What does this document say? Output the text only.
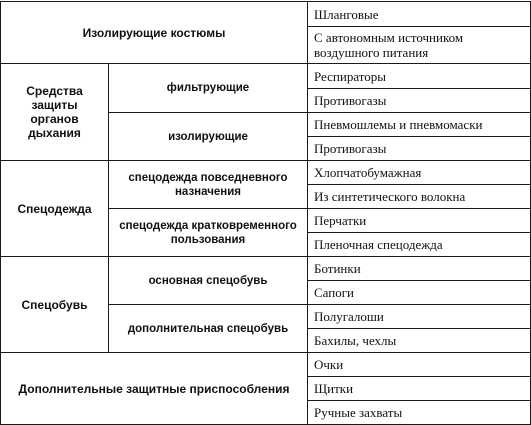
Изолирующие костюмы		Шланговые
		С автономным источником воздушного питания
Средства защиты органов дыхания	фильтрующие	Респираторы
		Противогазы
	изолирующие	Пневмошлемы и пневмомаски
		Противогазы
Спецодежда	спецодежда повседневного назначения	Хлопчатобумажная
		Из синтетического волокна
	спецодежда кратковременного пользования	Перчатки
		Пленочная спецодежда
Спецобувь	основная спецобувь	Ботинки
		Сапоги
	дополнительная спецобувь	Полугалоши
		Бахилы, чехлы
Дополнительные защитные приспособления		Очки
		Щитки
		Ручные захваты
